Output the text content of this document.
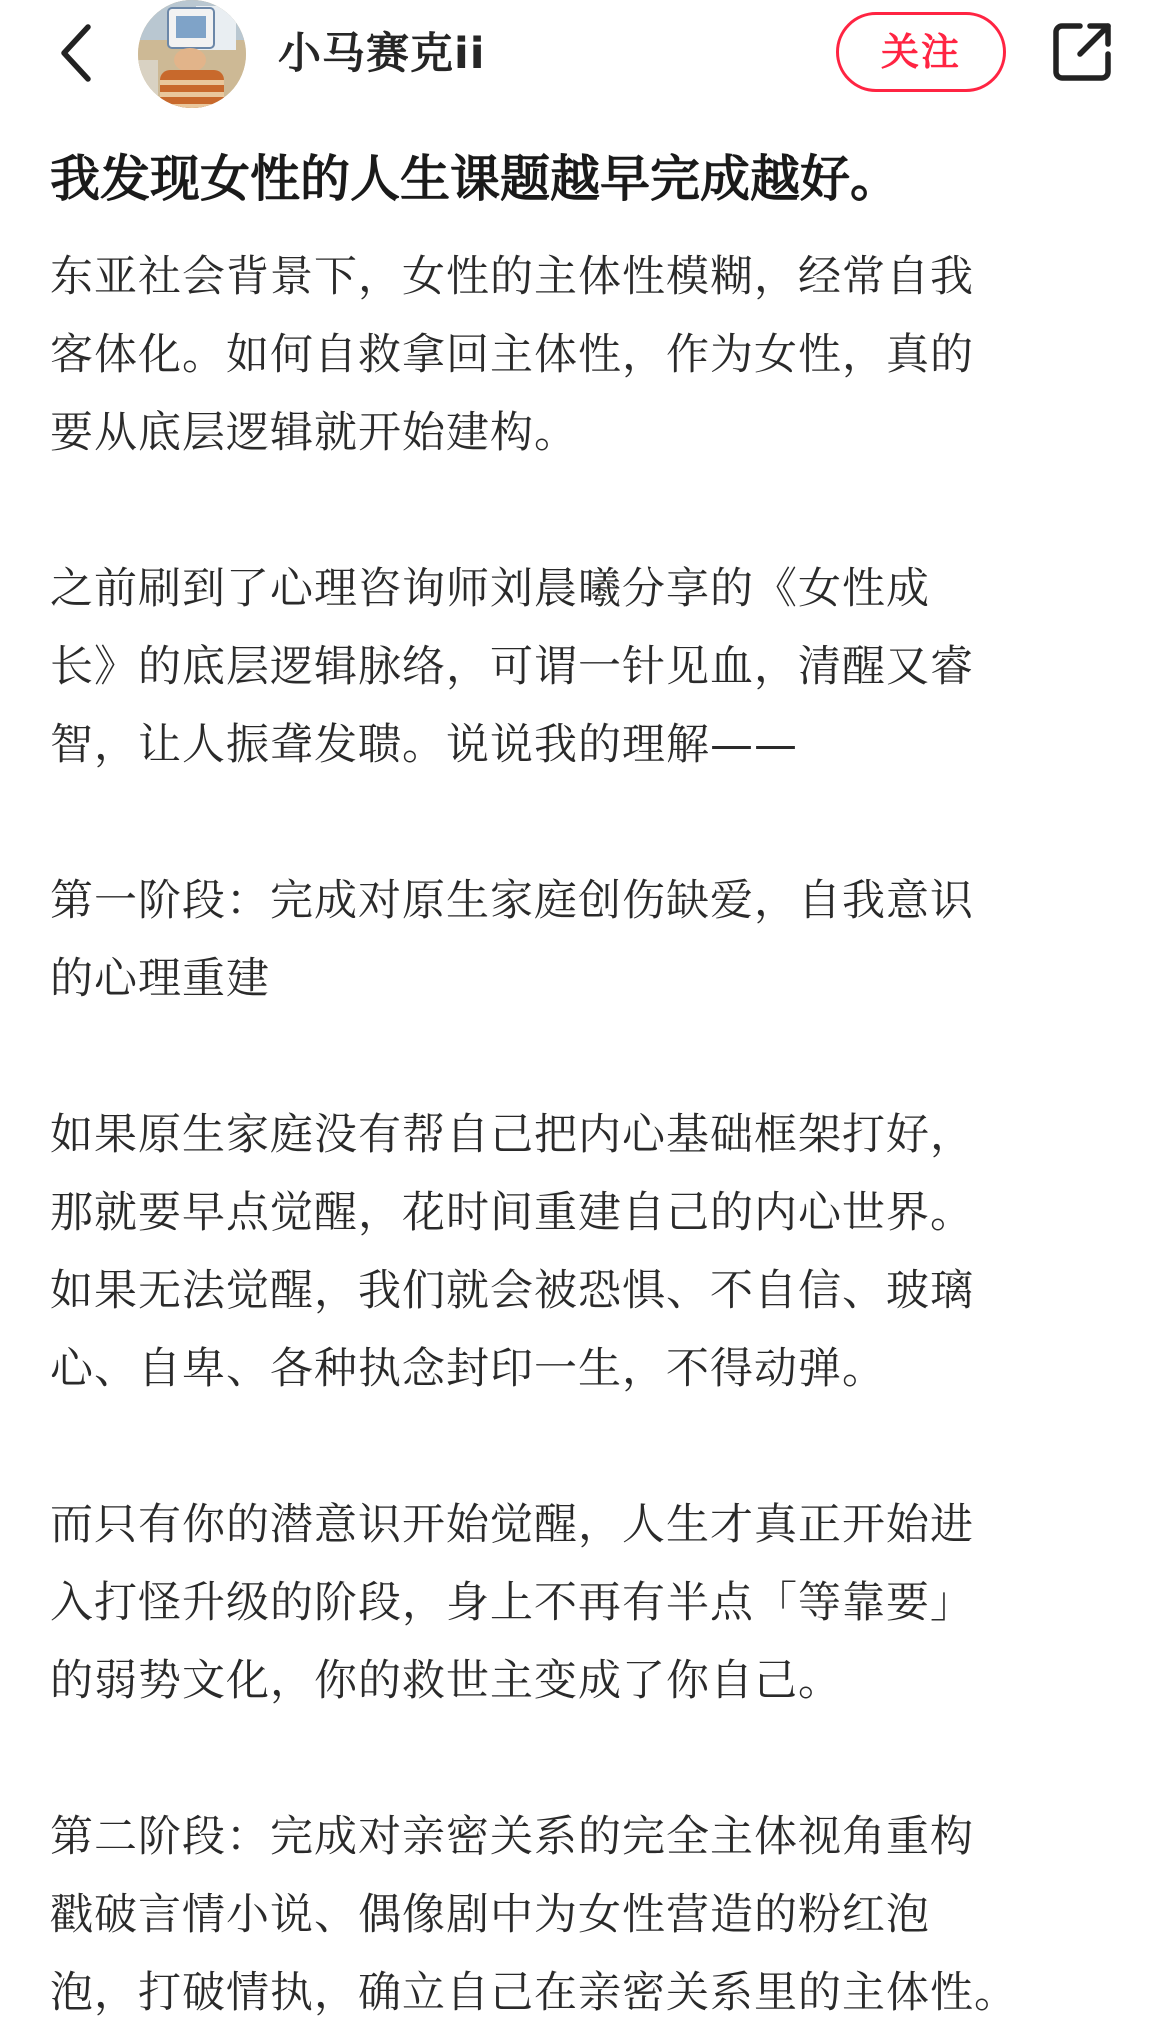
小马赛克ii	关注
我发现女性的人生课题越早完成越好。

东亚社会背景下，女性的主体性模糊，经常自我

客体化。如何自救拿回主体性，作为女性，真的

要从底层逻辑就开始建构。

之前刷到了心理咨询师刘晨曦分享的《女性成

长》的底层逻辑脉络，可谓一针见血，清醒又睿

智，让人振聋发聩。说说我的理解——

第一阶段：完成对原生家庭创伤缺爱，自我意识

的心理重建

如果原生家庭没有帮自己把内心基础框架打好，

那就要早点觉醒，花时间重建自己的内心世界。

如果无法觉醒，我们就会被恐惧、不自信、玻璃

心、自卑、各种执念封印一生，不得动弹。

而只有你的潜意识开始觉醒，人生才真正开始进

入打怪升级的阶段，身上不再有半点「等靠要」

的弱势文化，你的救世主变成了你自己。

第二阶段：完成对亲密关系的完全主体视角重构

戳破言情小说、偶像剧中为女性营造的粉红泡

泡，打破情执，确立自己在亲密关系里的主体性。
